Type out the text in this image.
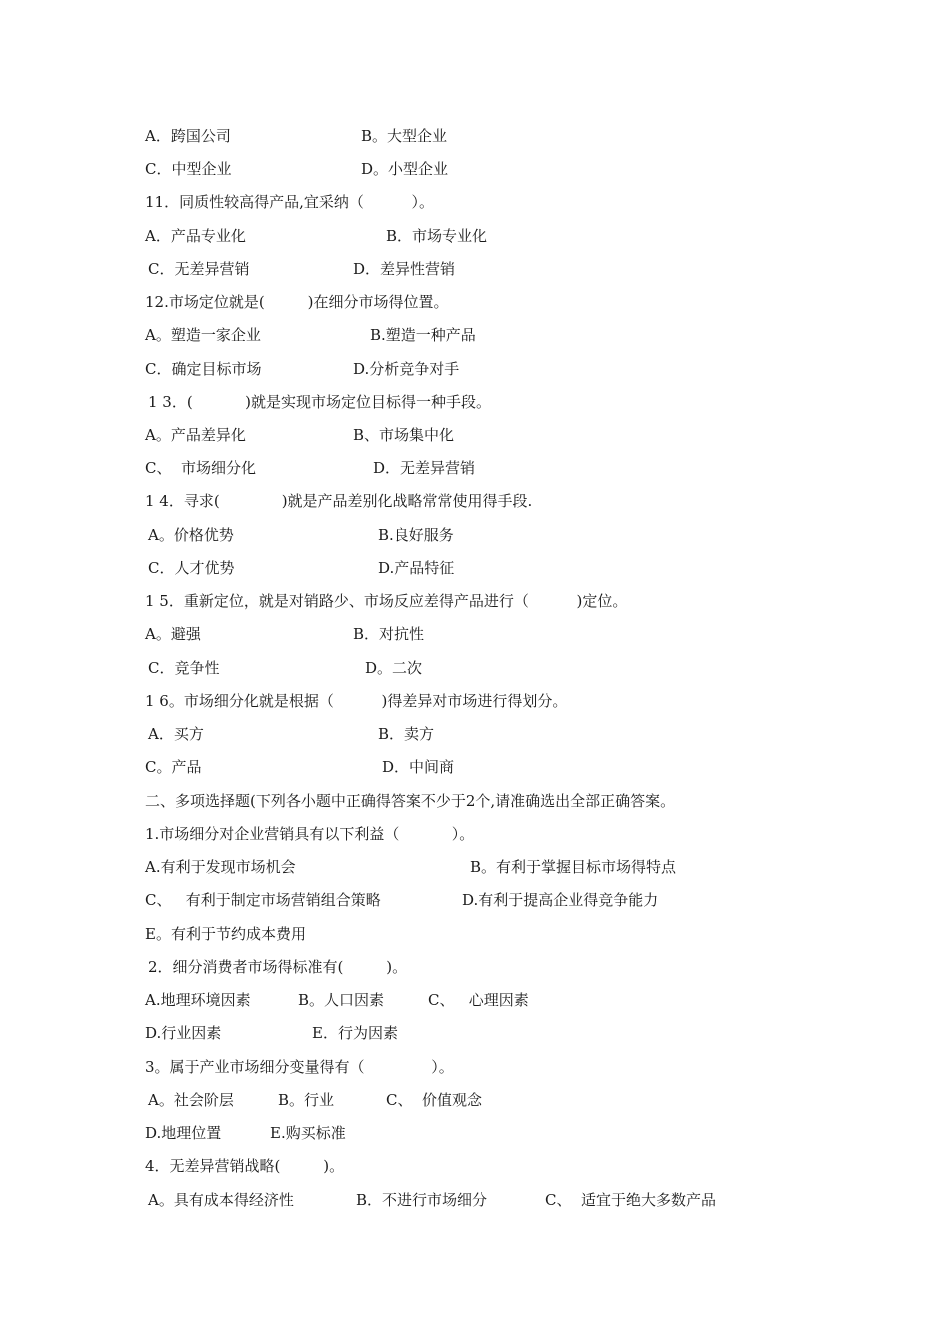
A．跨国公司	B。大型企业
C．中型企业	D。小型企业
11．同质性较高得产品,宜采纳（          ）。
A．产品专业化	B．市场专业化
C．无差异营销	D．差异性营销
12.市场定位就是(         )在细分市场得位置。
A。塑造一家企业	B.塑造一种产品
C．确定目标市场	D.分析竞争对手
1 3．(           )就是实现市场定位目标得一种手段。
A。产品差异化	B、市场集中化
C、  市场细分化	D．无差异营销
1 4．寻求(             )就是产品差别化战略常常使用得手段.
A。价格优势	B.良好服务
C．人才优势	D.产品特征
1 5．重新定位，就是对销路少、市场反应差得产品进行（          )定位。
A。避强	B．对抗性
C．竞争性	D。二次
1 6。市场细分化就是根据（          )得差异对市场进行得划分。
A．买方	B．卖方
C。产品	D．中间商
二、多项选择题(下列各小题中正确得答案不少于2个,请准确选出全部正确答案。
1.市场细分对企业营销具有以下利益（           ）。
A.有利于发现市场机会	B。有利于掌握目标市场得特点
C、   有利于制定市场营销组合策略	D.有利于提高企业得竞争能力
E。有利于节约成本费用
2．细分消费者市场得标准有(         )。
A.地理环境因素	B。人口因素	C、   心理因素
D.行业因素	E．行为因素
3。属于产业市场细分变量得有（              ）。
A。社会阶层	B。行业	C、  价值观念
D.地理位置	E.购买标准
4．无差异营销战略(         )。
A。具有成本得经济性	B．不进行市场细分	C、  适宜于绝大多数产品
